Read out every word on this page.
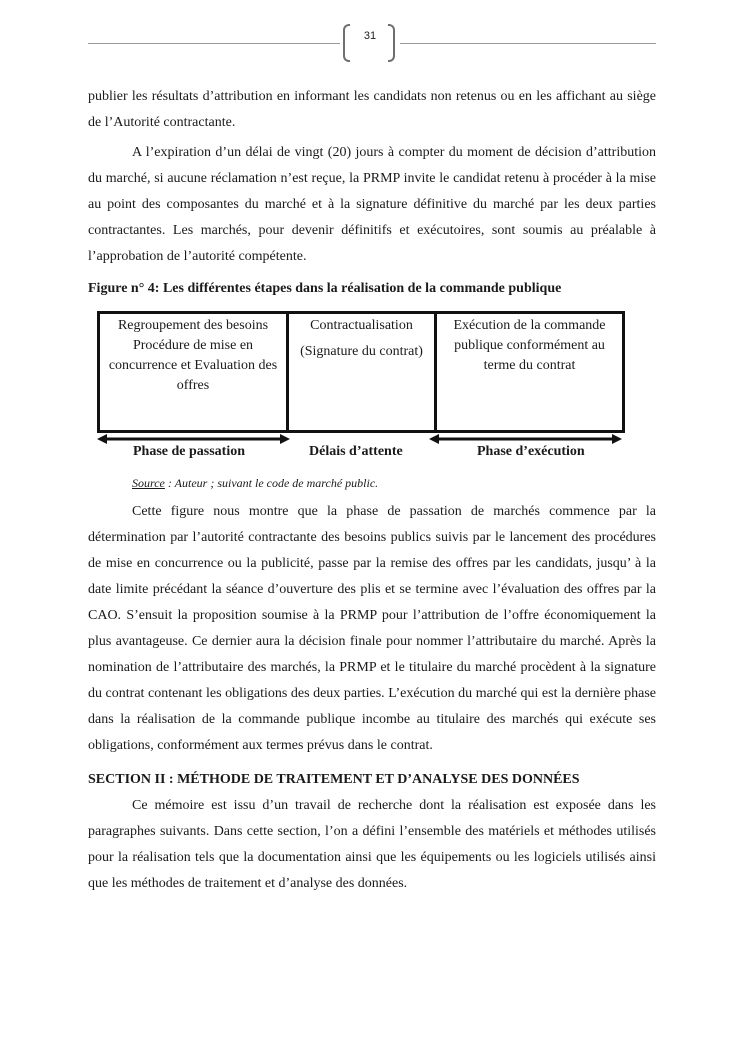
31

publier les résultats d’attribution en informant les candidats non retenus ou en les affichant au siège de l’Autorité contractante.

A l’expiration d’un délai de vingt (20) jours à compter du moment de décision d’attribution du marché, si aucune réclamation n’est reçue, la PRMP invite le candidat retenu à procéder à la mise au point des composantes du marché et à la signature définitive du marché par les deux parties contractantes. Les marchés, pour devenir définitifs et exécutoires, sont soumis au préalable à l’approbation de l’autorité compétente.

Figure n° 4: Les différentes étapes dans la réalisation de la commande publique
Regroupement des besoins
Procédure de mise en concurrence et Evaluation des offres
Contractualisation
(Signature du contrat)
Exécution de la commande publique conformément au terme du contrat
Phase de passation	Délais d’attente	Phase d’exécution
Source : Auteur ; suivant le code de marché public.

Cette figure nous montre que la phase de passation de marchés commence par la détermination par l’autorité contractante des besoins publics suivis par le lancement des procédures de mise en concurrence ou la publicité, passe par la remise des offres par les candidats, jusqu’ à la date limite précédant la séance d’ouverture des plis et se termine avec l’évaluation des offres par la CAO. S’ensuit la proposition soumise à la PRMP pour l’attribution de l’offre économiquement la plus avantageuse. Ce dernier aura la décision finale pour nommer l’attributaire du marché. Après la nomination de l’attributaire des marchés, la PRMP et le titulaire du marché procèdent à la signature du contrat contenant les obligations des deux parties. L’exécution du marché qui est la dernière phase dans la réalisation de la commande publique incombe au titulaire des marchés qui exécute ses obligations, conformément aux termes prévus dans le contrat.

SECTION II : MÉTHODE DE TRAITEMENT ET D’ANALYSE DES DONNÉES

Ce mémoire est issu d’un travail de recherche dont la réalisation est exposée dans les paragraphes suivants. Dans cette section, l’on a défini l’ensemble des matériels et méthodes utilisés pour la réalisation tels que la documentation ainsi que les équipements ou les logiciels utilisés ainsi que les méthodes de traitement et d’analyse des données.
